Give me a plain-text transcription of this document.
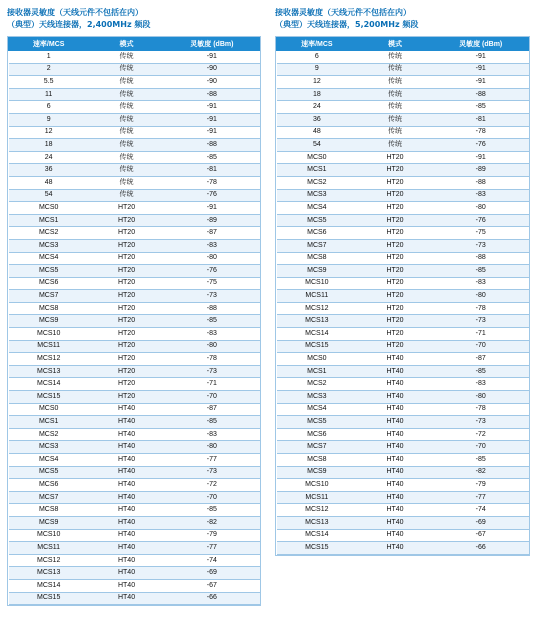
接收器灵敏度（天线元件不包括在内）
（典型）天线连接器，2,400MHz 频段
速率/MCS	模式	灵敏度 (dBm)
1	传统	-91
2	传统	-90
5.5	传统	-90
11	传统	-88
6	传统	-91
9	传统	-91
12	传统	-91
18	传统	-88
24	传统	-85
36	传统	-81
48	传统	-78
54	传统	-76
MCS0	HT20	-91
MCS1	HT20	-89
MCS2	HT20	-87
MCS3	HT20	-83
MCS4	HT20	-80
MCS5	HT20	-76
MCS6	HT20	-75
MCS7	HT20	-73
MCS8	HT20	-88
MCS9	HT20	-85
MCS10	HT20	-83
MCS11	HT20	-80
MCS12	HT20	-78
MCS13	HT20	-73
MCS14	HT20	-71
MCS15	HT20	-70
MCS0	HT40	-87
MCS1	HT40	-85
MCS2	HT40	-83
MCS3	HT40	-80
MCS4	HT40	-77
MCS5	HT40	-73
MCS6	HT40	-72
MCS7	HT40	-70
MCS8	HT40	-85
MCS9	HT40	-82
MCS10	HT40	-79
MCS11	HT40	-77
MCS12	HT40	-74
MCS13	HT40	-69
MCS14	HT40	-67
MCS15	HT40	-66
接收器灵敏度（天线元件不包括在内）
（典型）天线连接器，5,200MHz 频段
速率/MCS	模式	灵敏度 (dBm)
6	传统	-91
9	传统	-91
12	传统	-91
18	传统	-88
24	传统	-85
36	传统	-81
48	传统	-78
54	传统	-76
MCS0	HT20	-91
MCS1	HT20	-89
MCS2	HT20	-88
MCS3	HT20	-83
MCS4	HT20	-80
MCS5	HT20	-76
MCS6	HT20	-75
MCS7	HT20	-73
MCS8	HT20	-88
MCS9	HT20	-85
MCS10	HT20	-83
MCS11	HT20	-80
MCS12	HT20	-78
MCS13	HT20	-73
MCS14	HT20	-71
MCS15	HT20	-70
MCS0	HT40	-87
MCS1	HT40	-85
MCS2	HT40	-83
MCS3	HT40	-80
MCS4	HT40	-78
MCS5	HT40	-73
MCS6	HT40	-72
MCS7	HT40	-70
MCS8	HT40	-85
MCS9	HT40	-82
MCS10	HT40	-79
MCS11	HT40	-77
MCS12	HT40	-74
MCS13	HT40	-69
MCS14	HT40	-67
MCS15	HT40	-66
